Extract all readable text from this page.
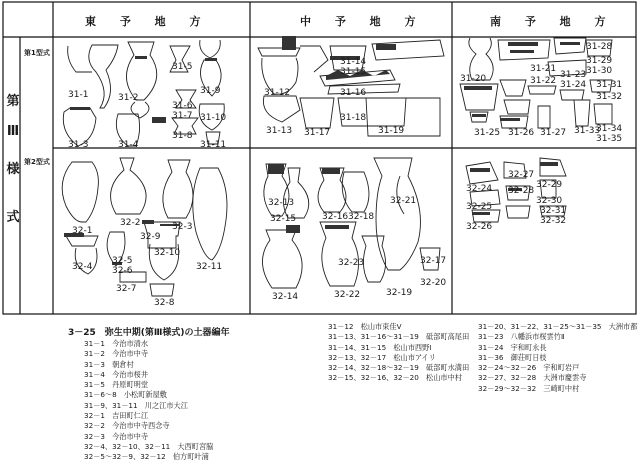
東 予 地 方	中 予 地 方	南 予 地 方
第
Ⅲ
様
式
第1型式
第2型式
31-5
31-9
31-1	31-2
31-6
31-7 31-10
31-3	31-4
31-8
31-11
32-1
32-2	32-3
32-4
32-5
32-6
32-7
32-8
32-9
32-10
32-11
31-14
31-15
31-16
31-12
31-13 31-17
31-18
31-19
32-13
32-15	32-16 32-18
32-14
32-17
32-19
32-20
32-21
32-22
32-23
31-28
31-29
31-30
31-31
31-32
31-20
31-21
31-22
31-23
31-24
31-25 31-26 31-27 31-33
31-34
31-35
32-24
32-25
32-26
32-27
32-28
32-29
32-30
32-31
32-32
3－25　弥生中期(第Ⅲ様式)の土器編年
31－1　今治市清水
31－2　今治市中寺
31－3　朝倉村
31－4　今治市桜井
31－5　丹原町明堂
31－6～8　小松町新屋敷
31－9、31－11　川之江市大江
32－1　吉田町仁江
32－2　今治市中寺西念寺
32－3　今治市中寺
32－4、32－10、32－11　大西町宮脇
32－5～32－9、32－12　伯方町叶浦
31－12　松山市束佳Ⅴ
31－13、31－16～31－19　砥部町高尾田
31－14、31－15　松山市西野Ⅰ
32－13、32－17　松山市アイリ
32－14、32－18～32－19　砥部町水満田
32－15、32－16、32－20　松山市中村
31－20、31－22、31－25～31－35　大洲市都
31－23　八幡浜市桜雲竹Ⅱ
31－24　宇和町永長
31－36　御荘町日枝
32－24～32－26　宇和町岩戸
32－27、32－28　大洲市慶雲寺
32－29～32－32　三崎町中村
